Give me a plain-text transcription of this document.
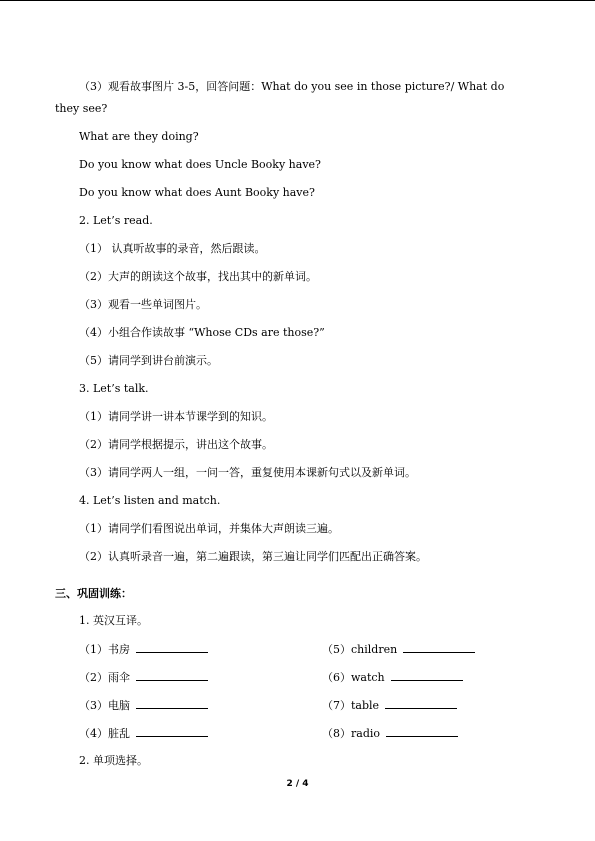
（3）观看故事图片 3-5，回答问题：What do you see in those picture?/ What do
they see?
What are they doing?
Do you know what does Uncle Booky have?
Do you know what does Aunt Booky have?
2. Let’s read.
（1） 认真听故事的录音，然后跟读。
（2）大声的朗读这个故事，找出其中的新单词。
（3）观看一些单词图片。
（4）小组合作读故事 “Whose CDs are those?”
（5）请同学到讲台前演示。
3. Let’s talk.
（1）请同学讲一讲本节课学到的知识。
（2）请同学根据提示，讲出这个故事。
（3）请同学两人一组，一问一答，重复使用本课新句式以及新单词。
4. Let’s listen and match.
（1）请同学们看图说出单词，并集体大声朗读三遍。
（2）认真听录音一遍，第二遍跟读，第三遍让同学们匹配出正确答案。
三、巩固训练：
1. 英汉互译。
（1）书房
（2）雨伞
（3）电脑
（4）脏乱
（5）children
（6）watch
（7）table
（8）radio
2. 单项选择。
2 / 4
